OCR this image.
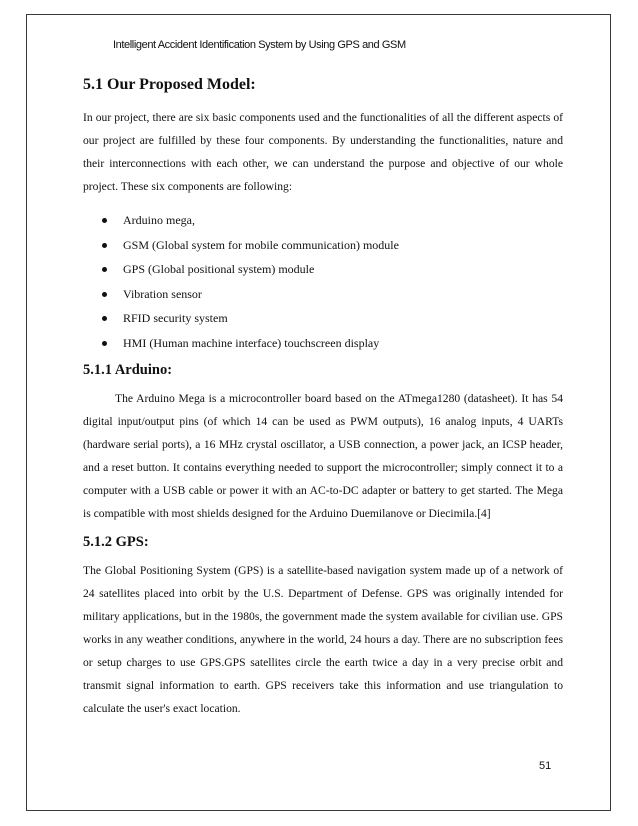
Intelligent Accident Identification System by Using GPS and GSM
5.1 Our Proposed Model:

In our project, there are six basic components used and the functionalities of all the different aspects of our project are fulfilled by these four components. By understanding the functionalities, nature and their interconnections with each other, we can understand the purpose and objective of our whole project. These six components are following:

Arduino mega,
GSM (Global system for mobile communication) module
GPS (Global positional system) module
Vibration sensor
RFID security system
HMI (Human machine interface) touchscreen display
5.1.1 Arduino:

The Arduino Mega is a microcontroller board based on the ATmega1280 (datasheet). It has 54 digital input/output pins (of which 14 can be used as PWM outputs), 16 analog inputs, 4 UARTs (hardware serial ports), a 16 MHz crystal oscillator, a USB connection, a power jack, an ICSP header, and a reset button. It contains everything needed to support the microcontroller; simply connect it to a computer with a USB cable or power it with an AC-to-DC adapter or battery to get started. The Mega is compatible with most shields designed for the Arduino Duemilanove or Diecimila.[4]

5.1.2 GPS:

The Global Positioning System (GPS) is a satellite-based navigation system made up of a network of 24 satellites placed into orbit by the U.S. Department of Defense. GPS was originally intended for military applications, but in the 1980s, the government made the system available for civilian use. GPS works in any weather conditions, anywhere in the world, 24 hours a day. There are no subscription fees or setup charges to use GPS.GPS satellites circle the earth twice a day in a very precise orbit and transmit signal information to earth. GPS receivers take this information and use triangulation to calculate the user's exact location.

51
